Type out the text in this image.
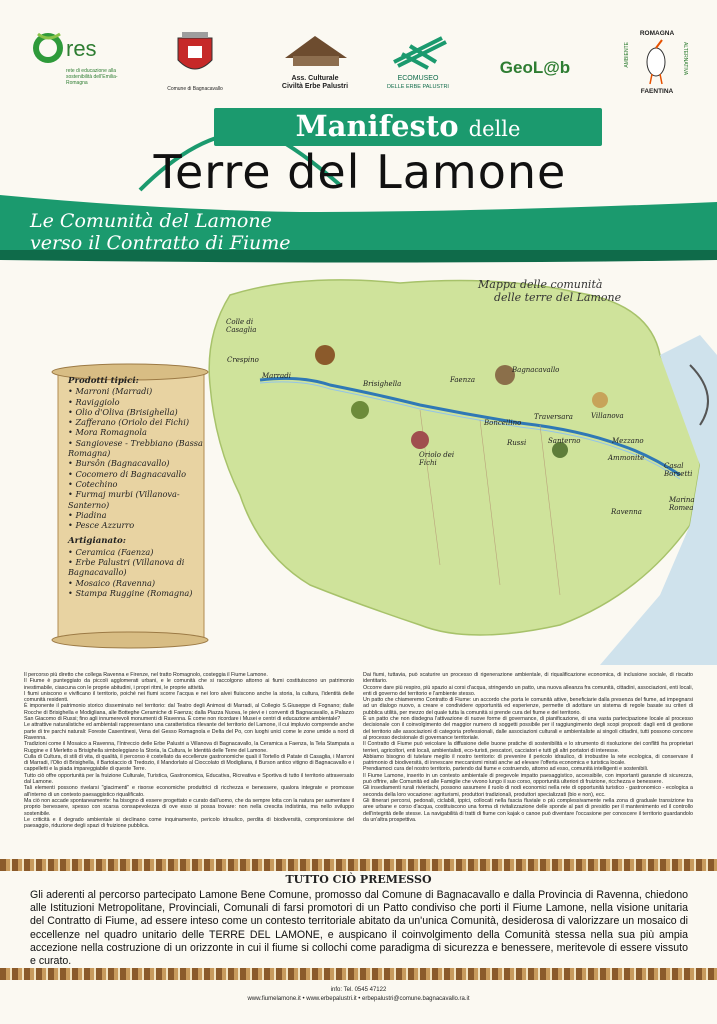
res
rete di educazione alla sostenibilità dell'Emilia-Romagna
Comune di Bagnacavallo
Ass. Culturale
Civiltà Erbe Palustri
ECOMUSEO
DELLE ERBE PALUSTRI
GeoL@b
ROMAGNA
AMBIENTE	ALTERNATIVA
FAENTINA
Manifesto delle
Terre del Lamone
Le Comunità del Lamone
verso il Contratto di Fiume
Mappa delle comunità
delle terre del Lamone
Colle di Casaglia
Crespino
Marradi
Brisighella	Faenza
Oriolo dei Fichi
Boncellino
Traversara
Bagnacavallo
Villanova
Russi	Santerno	Mezzano
Ammonite
Ravenna
Casal Borsetti
Marina Romea
Prodotti tipici:
• Marroni (Marradi)
• Raviggiolo
• Olio d'Oliva (Brisighella)
• Zafferano (Oriolo dei Fichi)
• Mora Romagnola
• Sangiovese - Trebbiano (Bassa Romagna)
• Bursôn (Bagnacavallo)
• Cocomero di Bagnacavallo
• Cotechino
• Furmaj murbi (Villanova-Santerno)
• Piadina
• Pesce Azzurro
Artigianato:
• Ceramica (Faenza)
• Erbe Palustri (Villanova di Bagnacavallo)
• Mosaico (Ravenna)
• Stampa Ruggine (Romagna)

Il percorso più diretto che collega Ravenna e Firenze, nel tratto Romagnolo, costeggia il Fiume Lamone.

Il Fiume è punteggiato da piccoli agglomerati urbani, e le comunità che si raccolgono attorno ai fiumi costituiscono un patrimonio inestimabile, ciascuna con le proprie abitudini, i propri ritmi, le proprie attività.

I fiumi uniscono e vivificano il territorio, poiché nei fiumi scorre l'acqua e nei loro alvei fluiscono anche la storia, la cultura, l'identità delle comunità residenti.

È imponente il patrimonio storico disseminato nel territorio: dal Teatro degli Animosi di Marradi, al Collegio S.Giuseppe di Fognano; dalle Rocche di Brisighella e Modigliana, alle Botteghe Ceramiche di Faenza; dalla Piazza Nuova, le pievi e i conventi di Bagnacavallo, a Palazzo San Giacomo di Russi; fino agli innumerevoli monumenti di Ravenna. È come non ricordare i Musei e centri di educazione ambientale?

Le attrattive naturalistiche ed ambientali rappresentano una caratteristica rilevante del territorio del Lamone, il cui impluvio comprende anche parte di tre parchi naturali: Foreste Casentinesi, Vena del Gesso Romagnola e Delta del Po, con luoghi unici come le zone umide a nord di Ravenna.

Tradizioni come il Mosaico a Ravenna, l'Intreccio delle Erbe Palustri a Villanova di Bagnacavallo, la Ceramica a Faenza, la Tela Stampata a Ruggine e il Merletto a Brisighella simboleggiano la Storia, la Cultura, le Identità delle Terre del Lamone.

Culla di Cultura, di stili di vita, di qualità, il percorso è costellato da eccellenze gastronomiche quali il Tortello di Patate di Casaglia, i Marroni di Marradi, l'Olio di Brisighella, il Bartolaccio di Tredozio, il Mandorlato al Cioccolato di Modigliana, il Burson antico vitigno di Bagnacavallo e i cappelletti e la piada impareggiabile di queste Terre.

Tutto ciò offre opportunità per la fruizione Culturale, Turistica, Gastronomica, Educativa, Ricreativa e Sportiva di tutto il territorio attraversato dal Lamone.

Tali elementi possono rivelarsi "giacimenti" e risorse economiche produttrici di ricchezza e benessere, qualora integrate e promosse all'interno di un contesto paesaggistico riqualificato.

Ma ciò non accade spontaneamente: ha bisogno di essere progettato e curato dall'uomo, che da sempre lotta con la natura per aumentare il proprio benessere, spesso con scarsa consapevolezza di ove esso si possa trovare: non nella crescita indistinta, ma nello sviluppo sostenibile.

Le criticità e il degrado ambientale si declinano come inquinamento, pericolo idraulico, perdita di biodiversità, compromissione del paesaggio, riduzione degli spazi di fruizione pubblica.

Dai fiumi, tuttavia, può scaturire un processo di rigenerazione ambientale, di riqualificazione economica, di inclusione sociale, di riscatto identitario.

Occorre dare più respiro, più spazio ai corsi d'acqua, stringendo un patto, una nuova alleanza fra comunità, cittadini, associazioni, enti locali, enti di governo del territorio e l'ambiente stesso.

Un patto che chiameremo Contratto di Fiume: un accordo che porta le comunità attive, beneficiarie dalla presenza del fiume, ad impegnarsi ad un dialogo nuovo, a creare e condividere opportunità ed esperienze, permette di adottare un sistema di regole basate su criteri di pubblica utilità, per mezzo del quale tutta la comunità si prende cura del fiume e del territorio.

È un patto che non disdegna l'attivazione di nuove forme di governance, di pianificazione, di una vasta partecipazione locale al processo decisionale con il coinvolgimento del maggior numero di soggetti possibile per il raggiungimento degli scopi proposti: dagli enti di gestione del territorio alle associazioni di categoria professionali, dalle associazioni culturali e ambientaliste ai singoli cittadini, tutti possono concorre al processo decisionale di governance territoriale.

Il Contratto di Fiume può veicolare la diffusione delle buone pratiche di sostenibilità e lo strumento di risoluzione dei conflitti fra proprietari terrieri, agricoltori, enti locali, ambientalisti, eco-turisti, pescatori, cacciatori e tutti gli altri portatori di interesse.

Abbiamo bisogno di tutelare meglio il nostro territorio: di prevenire il pericolo idraulico, di irrobustire la rete ecologica, di conservare il patrimonio di biodiversità, di innescare meccanismi mirati anche ad elevare l'offerta economica e turistica locale.

Prendiamoci cura del nostro territorio, partendo dal fiume e costruendo, attorno ad esso, comunità intelligenti e sostenibili.

Il Fiume Lamone, inserito in un contesto ambientale di pregevole impatto paesaggistico, accessibile, con importanti garanzie di sicurezza, può offrire, alle Comunità ed alle Famiglie che vivono lungo il suo corso, opportunità ulteriori di fruizione, ricchezza e benessere.

Gli insediamenti rurali rivierischi, possono assumere il ruolo di nodi economici nella rete di opportunità turistico - gastronomico - ecologica a seconda della loro vocazione: agriturismi, produttori tradizionali, produttori specializzati (bio e non), ecc.

Gli itinerari percorsi, pedonali, ciclabili, ippici, collocati nella fascia fluviale o più complessivamente nella zona di graduale transizione tra aree urbane e corso d'acqua, costituiscono una forma di rivitalizzazione delle sponde al pari di presidio per il mantenimento ed il controllo dell'integrità delle stesse. La navigabilità di tratti di fiume con kajak o canoe può diventare l'occasione per conoscere il territorio guardandolo da un'altra prospettiva.

TUTTO CIÒ PREMESSO
Gli aderenti al percorso partecipato Lamone Bene Comune, promosso dal Comune di Bagnacavallo e dalla Provincia di Ravenna, chiedono alle Istituzioni Metropolitane, Provinciali, Comunali di farsi promotori di un Patto condiviso che porti il Fiume Lamone, nella visione unitaria del Contratto di Fiume, ad essere inteso come un contesto territoriale abitato da un'unica Comunità, desiderosa di valorizzare un mosaico di eccellenze nel quadro unitario delle TERRE DEL LAMONE, e auspicano il coinvolgimento della Comunità stessa nella sua più ampia accezione nella costruzione di un orizzonte in cui il fiume si collochi come paradigma di sicurezza e benessere, meritevole di essere vissuto e curato.
info: Tel. 0545 47122
www.fiumelamone.it • www.erbepalustri.it • erbepalustri@comune.bagnacavallo.ra.it
